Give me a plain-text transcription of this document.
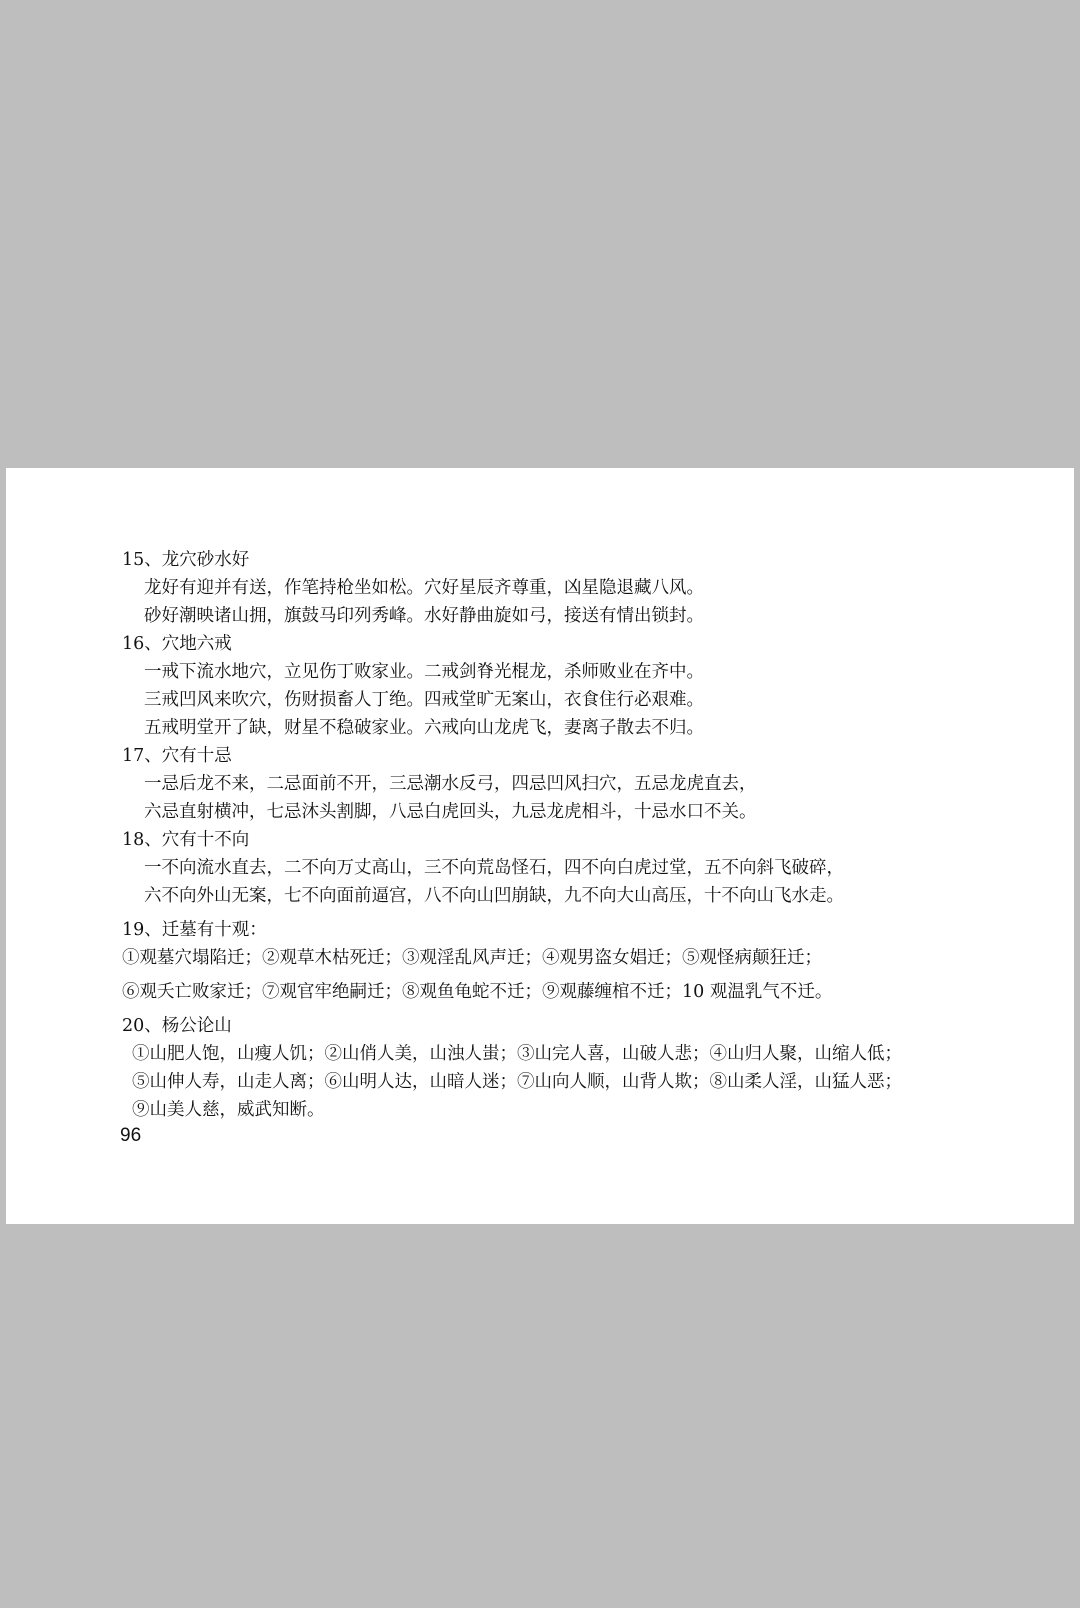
15、龙穴砂水好
龙好有迎并有送，作笔持枪坐如松。穴好星辰齐尊重，凶星隐退藏八风。
砂好潮映诸山拥，旗鼓马印列秀峰。水好静曲旋如弓，接送有情出锁封。
16、穴地六戒
一戒下流水地穴，立见伤丁败家业。二戒剑脊光棍龙，杀师败业在齐中。
三戒凹风来吹穴，伤财损畜人丁绝。四戒堂旷无案山，衣食住行必艰难。
五戒明堂开了缺，财星不稳破家业。六戒向山龙虎飞，妻离子散去不归。
17、穴有十忌
一忌后龙不来，二忌面前不开，三忌潮水反弓，四忌凹风扫穴，五忌龙虎直去，
六忌直射横冲，七忌沐头割脚，八忌白虎回头，九忌龙虎相斗，十忌水口不关。
18、穴有十不向
一不向流水直去，二不向万丈高山，三不向荒岛怪石，四不向白虎过堂，五不向斜飞破碎，
六不向外山无案，七不向面前逼宫，八不向山凹崩缺，九不向大山高压，十不向山飞水走。
19、迁墓有十观：
①观墓穴塌陷迁；②观草木枯死迁；③观淫乱风声迁；④观男盗女娼迁；⑤观怪病颠狂迁；
⑥观夭亡败家迁；⑦观官牢绝嗣迁；⑧观鱼龟蛇不迁；⑨观藤缠棺不迁；10 观温乳气不迁。
20、杨公论山
①山肥人饱，山瘦人饥；②山俏人美，山浊人蚩；③山完人喜，山破人悲；④山归人聚，山缩人低；
⑤山伸人寿，山走人离；⑥山明人达，山暗人迷；⑦山向人顺，山背人欺；⑧山柔人淫，山猛人恶；
⑨山美人慈，威武知断。
96
